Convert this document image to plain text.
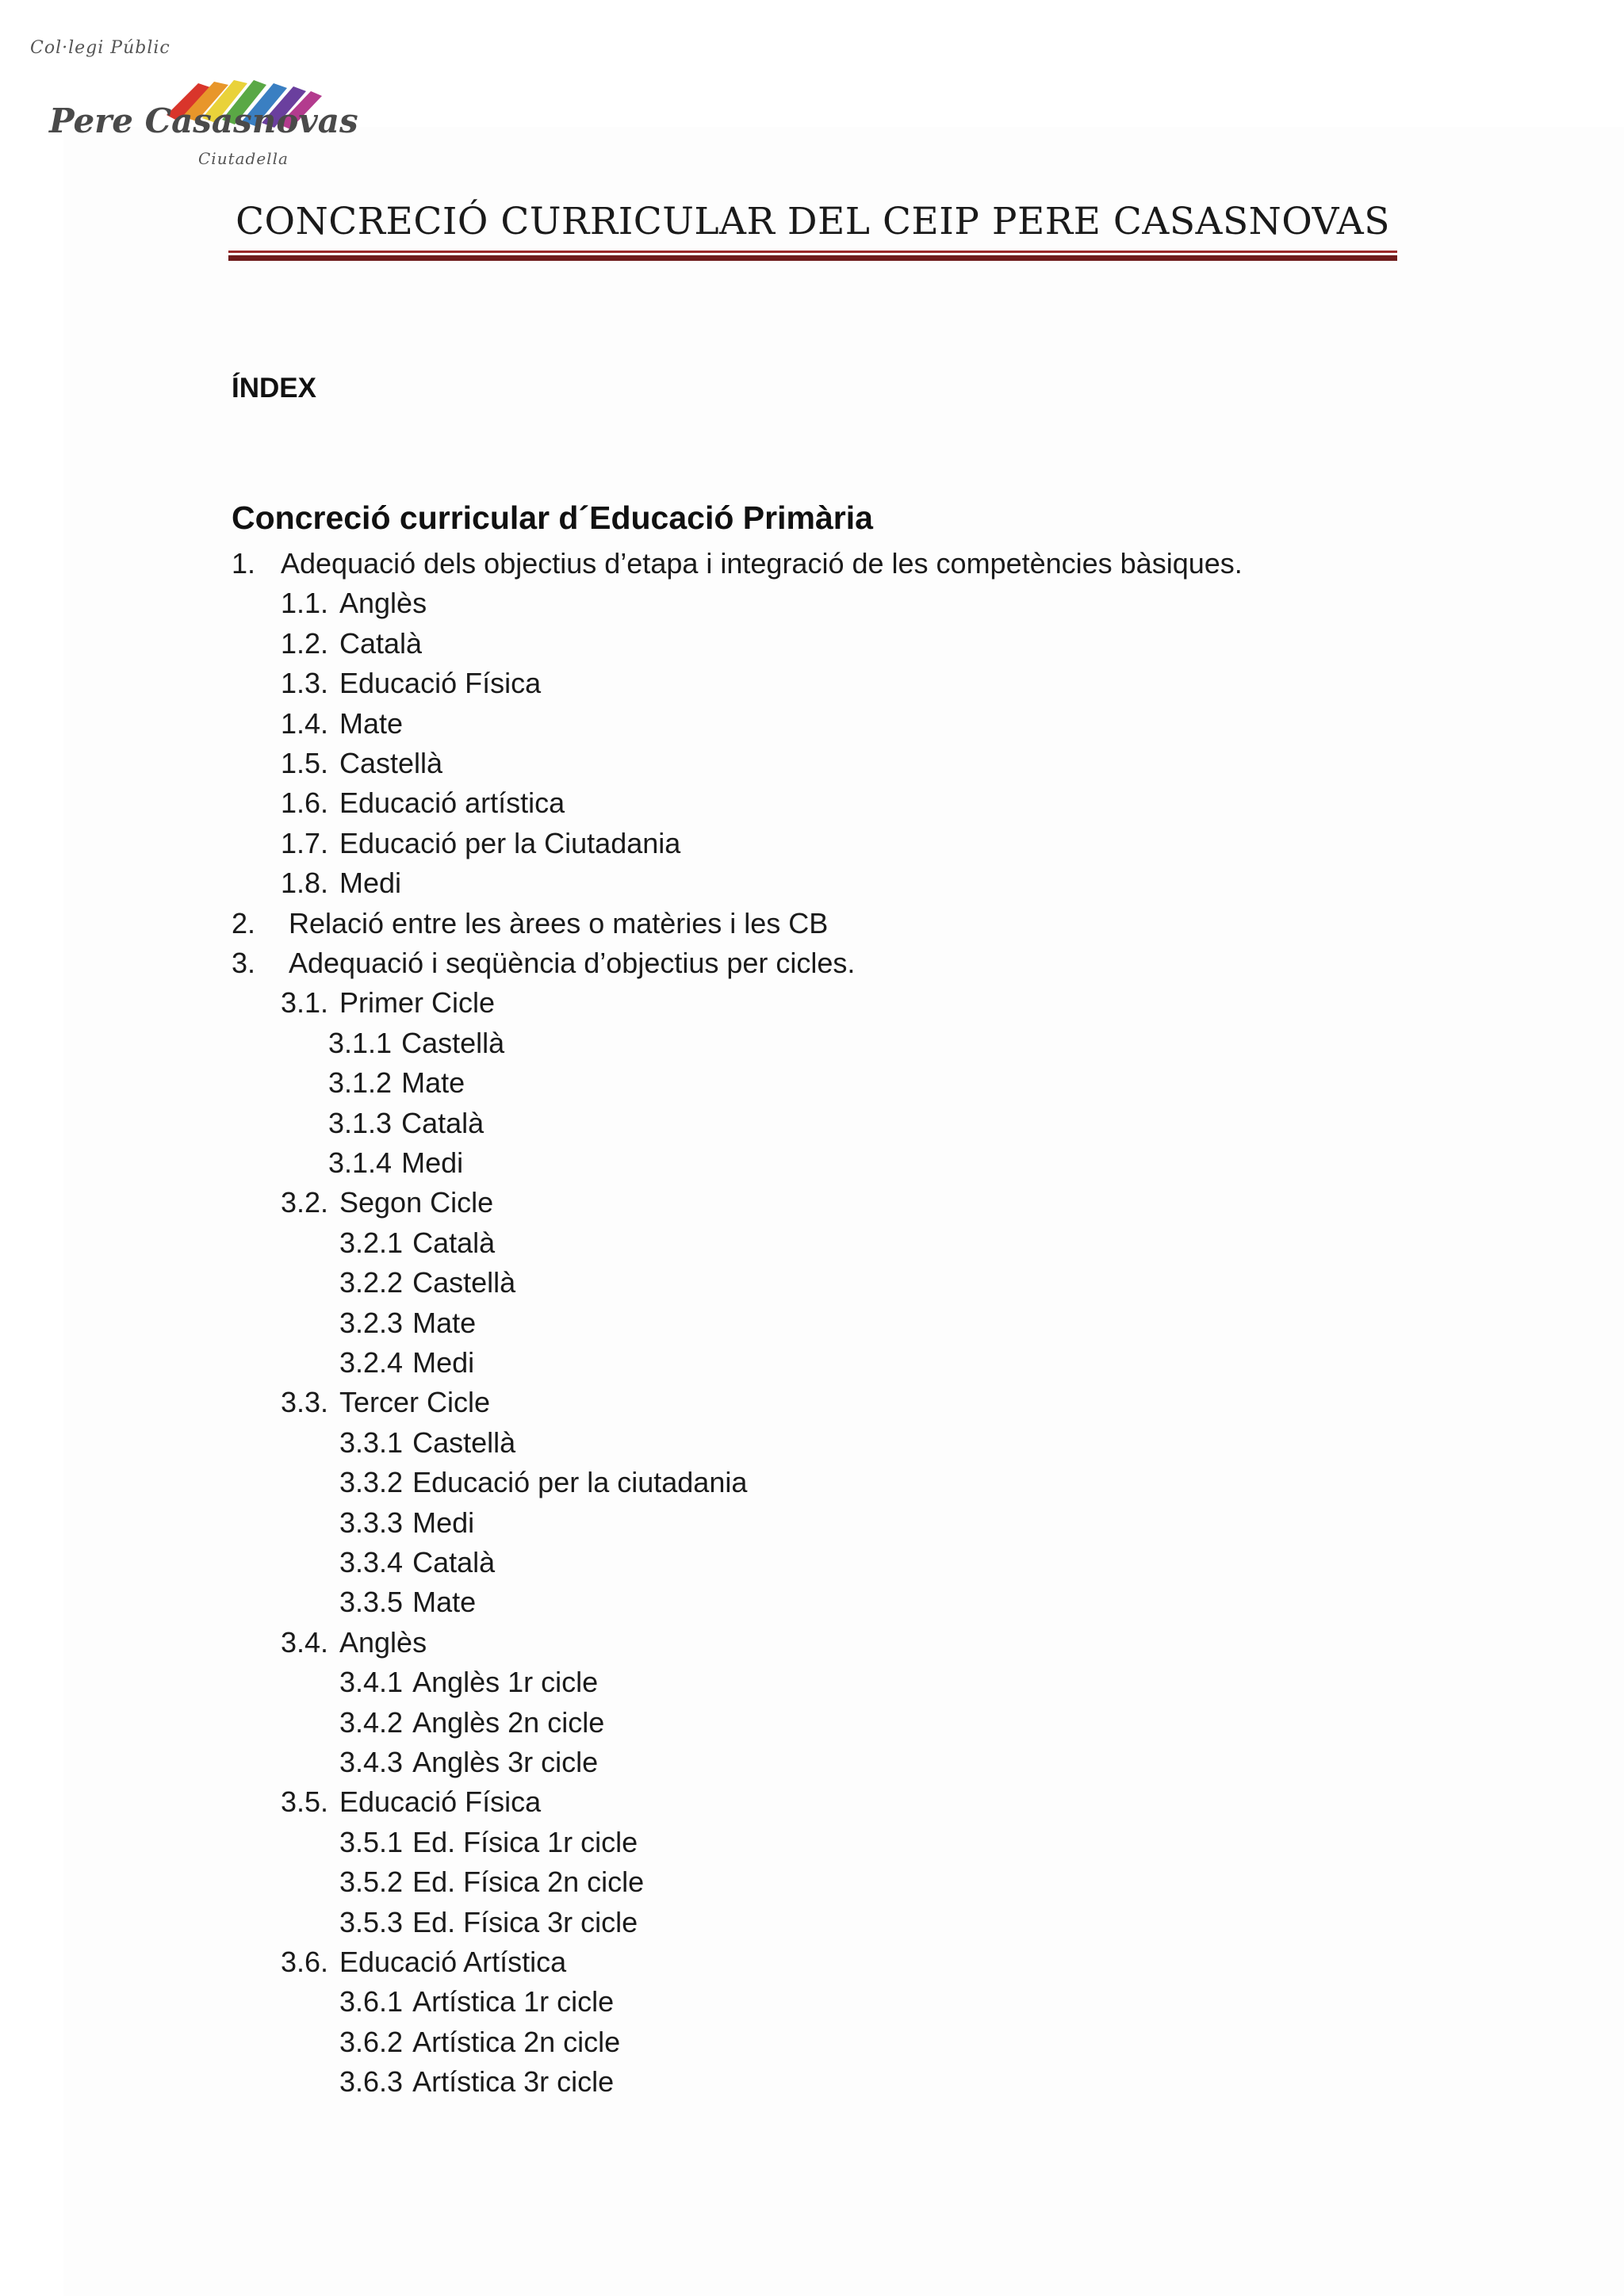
Col·legi Públic
Pere Casasnovas
Ciutadella
CONCRECIÓ CURRICULAR DEL CEIP PERE CASASNOVAS
ÍNDEX
Concreció curricular d´Educació Primària
1. Adequació dels objectius d’etapa i integració de les competències bàsiques.
1.1. Anglès
1.2. Català
1.3. Educació Física
1.4. Mate
1.5. Castellà
1.6. Educació artística
1.7. Educació per la Ciutadania
1.8. Medi
2. Relació entre les àrees o matèries i les CB
3. Adequació i seqüència d’objectius per cicles.
3.1. Primer Cicle
3.1.1 Castellà
3.1.2 Mate
3.1.3 Català
3.1.4 Medi
3.2. Segon Cicle
3.2.1 Català
3.2.2 Castellà
3.2.3 Mate
3.2.4 Medi
3.3. Tercer Cicle
3.3.1 Castellà
3.3.2 Educació per la ciutadania
3.3.3 Medi
3.3.4 Català
3.3.5 Mate
3.4. Anglès
3.4.1 Anglès 1r cicle
3.4.2 Anglès 2n cicle
3.4.3 Anglès 3r cicle
3.5. Educació Física
3.5.1 Ed. Física 1r cicle
3.5.2 Ed. Física 2n cicle
3.5.3 Ed. Física 3r cicle
3.6. Educació Artística
3.6.1 Artística 1r cicle
3.6.2 Artística 2n cicle
3.6.3 Artística 3r cicle
